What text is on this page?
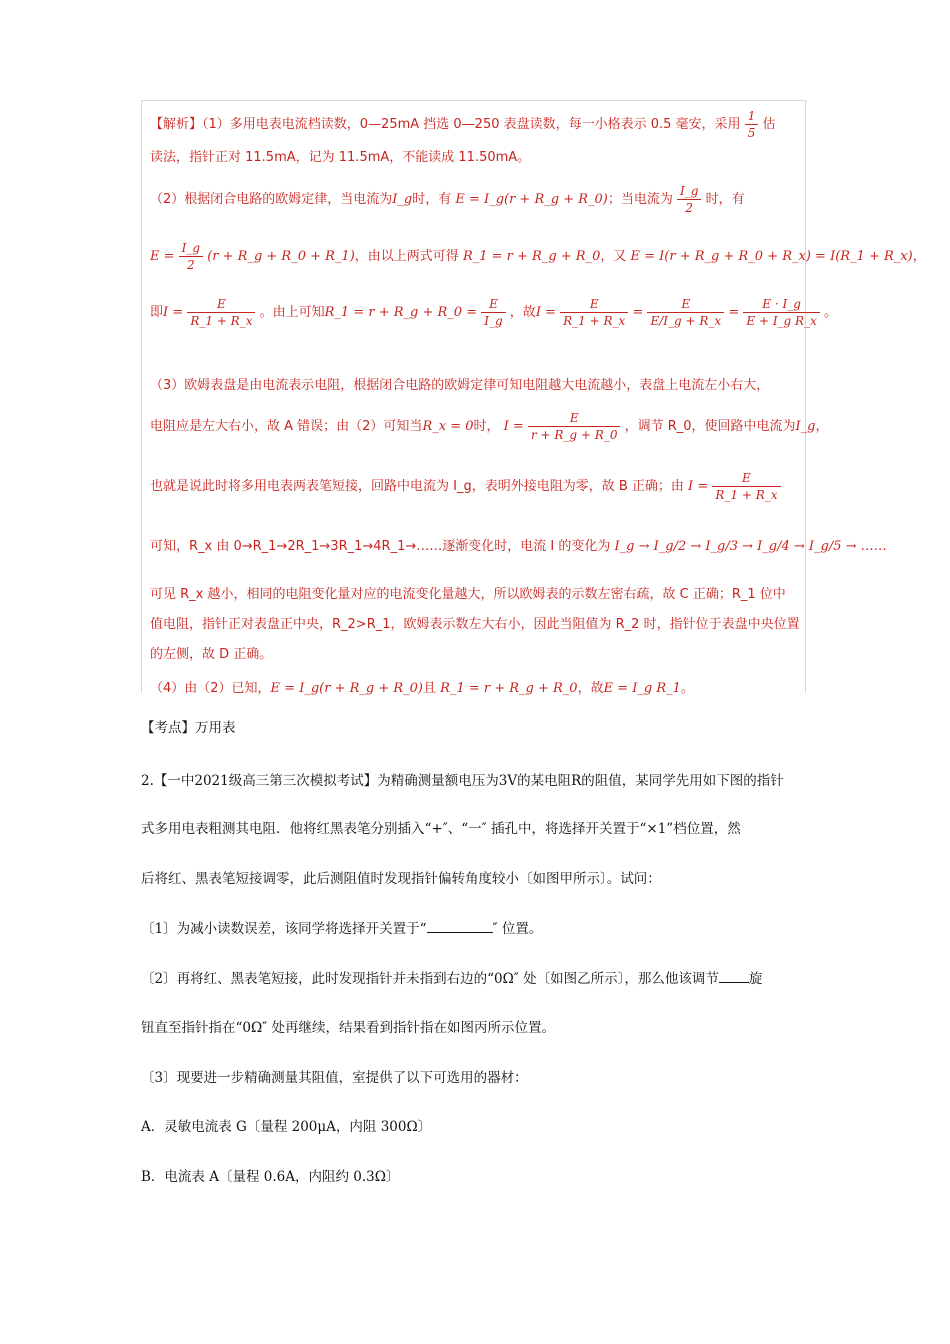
【解析】（1）多用电表电流档读数，0—25mA 挡选 0—250 表盘读数，每一小格表示 0.5 毫安，采用 $\frac{1}{5}$ 估
读法，指针正对 11.5mA，记为 11.5mA，不能读成 11.50mA。
（2）根据闭合电路的欧姆定律，当电流为I_g时，有 E = I_g(r + R_g + R_0)；当电流为 $\frac{I\_g}{2}$ 时，有
$E = \frac{I\_g}{2} (r$ + R_g + R_0 + R_1)，由以上两式可得 R_1 = r + R_g + R_0，又 E = I(r + R_g + R_0 + R_x) = I(R_1 + R_x)，
即$I = \frac{E}{R\_1 + R\_x}$ 。由上可知R_1 = r + R_g + R_0 = $\frac{E}{I\_g}$ ，故$I = \frac{E}{R\_1 + R\_x} = \frac{E}{E/I\_g + R\_x} = \frac{E \cdot I\_g}{\text{E + I\_g R\_x}}$ 。
（3）欧姆表盘是由电流表示电阻，根据闭合电路的欧姆定律可知电阻越大电流越小，表盘上电流左小右大，
电阻应是左大右小，故 A 错误；由（2）可知当R_x = 0时， $I = \frac{E}{r + R\_g + R\_0}$ ，调节 R_0，使回路中电流为I_g，
也就是说此时将多用电表两表笔短接，回路中电流为 I_g，表明外接电阻为零，故 B 正确；由 $I = \frac{E}{R\_1 + R\_x}$
可知，R_x 由 0→R_1→2R_1→3R_1→4R_1→……逐渐变化时，电流 I 的变化为 I_g → I_g/2 → I_g/3 → I_g/4 → I_g/5 → ……
可见 R_x 越小，相同的电阻变化量对应的电流变化量越大，所以欧姆表的示数左密右疏，故 C 正确；R_1 位中
值电阻，指针正对表盘正中央，R_2>R_1，欧姆表示数左大右小，因此当阻值为 R_2 时，指针位于表盘中央位置
的左侧，故 D 正确。
（4）由（2）已知，E = I_g(r + R_g + R_0)且 R_1 = r + R_g + R_0，故E = I_g R_1。
【考点】万用表
2.【一中2021级高三第三次模拟考试】为精确测量额电压为3V的某电阻R的阻值，某同学先用如下图的指针
式多用电表粗测其电阻．他将红黑表笔分别插入“+″、“一″ 插孔中，将选择开关置于“×1”档位置，然
后将红、黑表笔短接调零，此后测阻值时发现指针偏转角度较小〔如图甲所示〕。试问：
〔1〕为减小读数误差，该同学将选择开关置于“	″ 位置。
〔2〕再将红、黑表笔短接，此时发现指针并未指到右边的“0Ω″ 处〔如图乙所示〕，那么他该调节 旋
钮直至指针指在“0Ω″ 处再继续，结果看到指针指在如图丙所示位置。
〔3〕现要进一步精确测量其阻值，室提供了以下可选用的器材：
A．灵敏电流表 G〔量程 200μA，内阻 300Ω〕
B．电流表 A〔量程 0.6A，内阻约 0.3Ω〕
